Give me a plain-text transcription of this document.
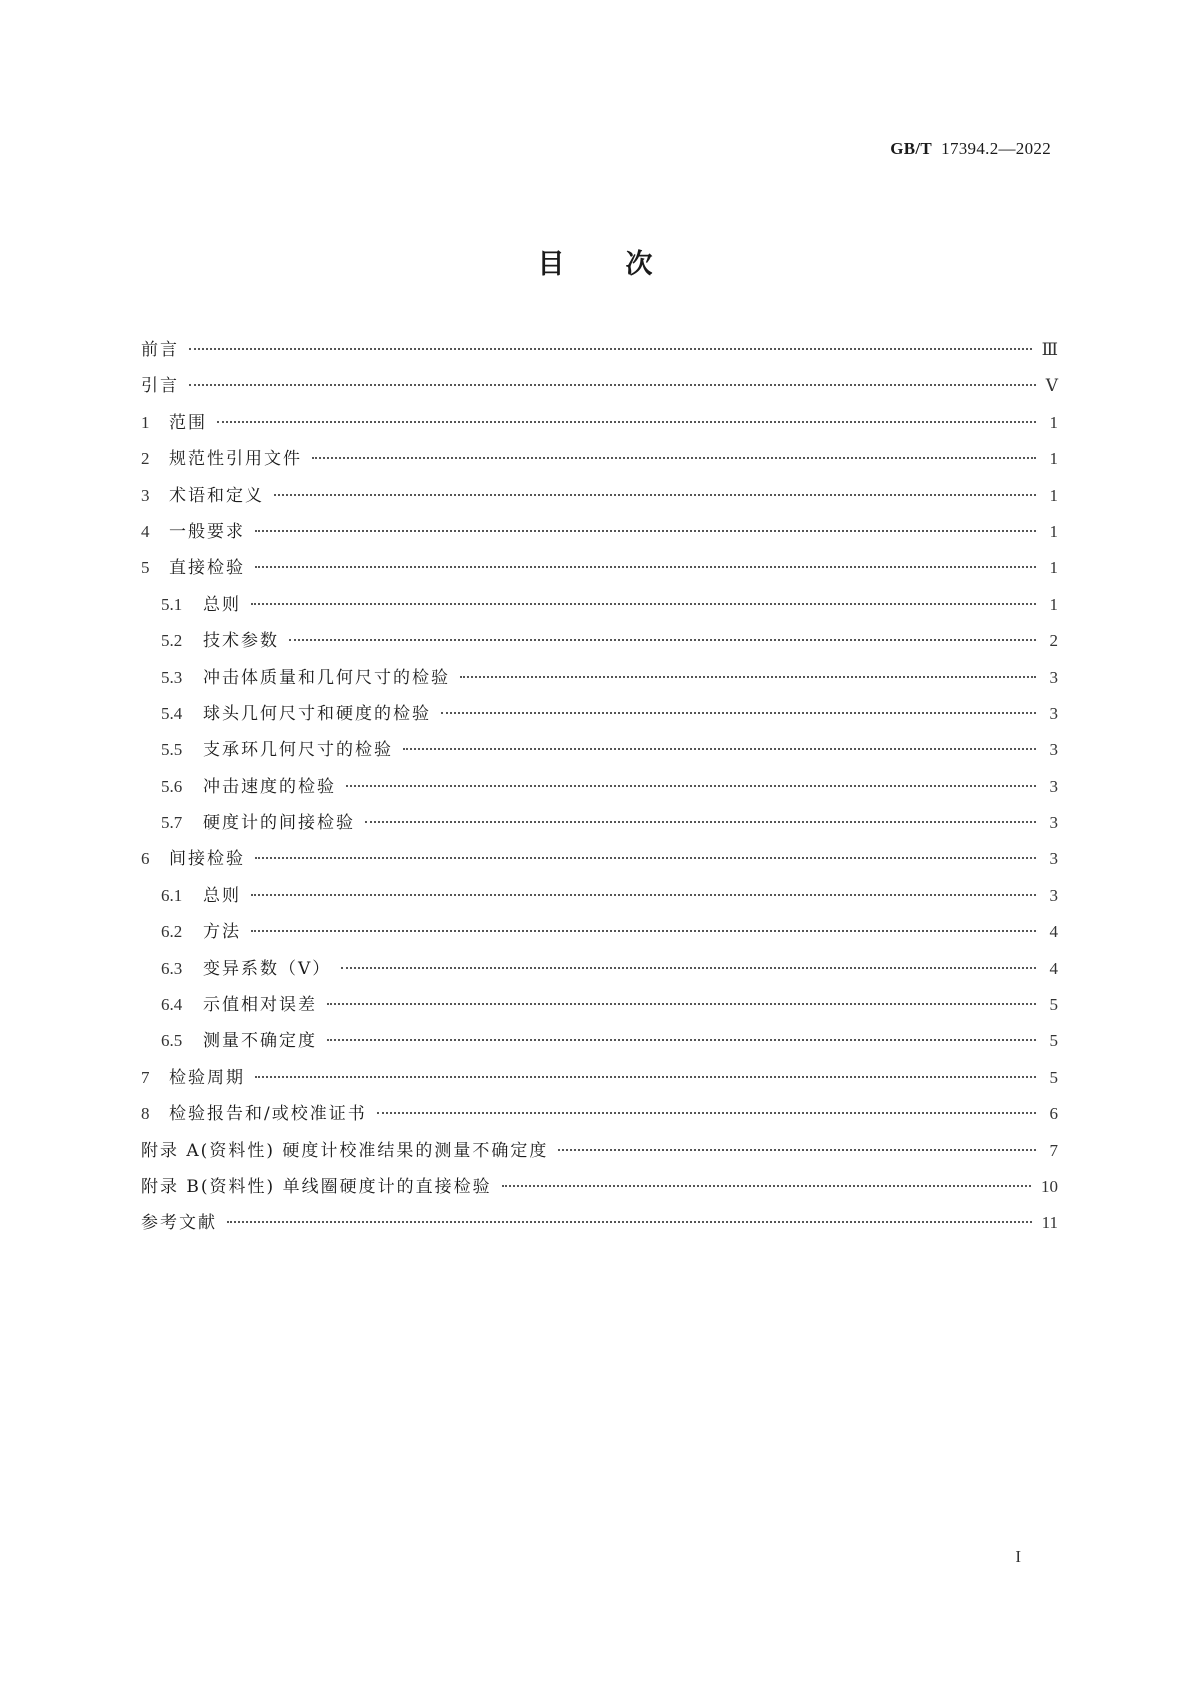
GB/T 17394.2—2022
目 次
前言	Ⅲ
引言	Ⅴ
1	范围	1
2	规范性引用文件	1
3	术语和定义	1
4	一般要求	1
5	直接检验	1
5.1	总则	1
5.2	技术参数	2
5.3	冲击体质量和几何尺寸的检验	3
5.4	球头几何尺寸和硬度的检验	3
5.5	支承环几何尺寸的检验	3
5.6	冲击速度的检验	3
5.7	硬度计的间接检验	3
6	间接检验	3
6.1	总则	3
6.2	方法	4
6.3	变异系数（V）	4
6.4	示值相对误差	5
6.5	测量不确定度	5
7	检验周期	5
8	检验报告和/或校准证书	6
附录 A(资料性) 硬度计校准结果的测量不确定度	7
附录 B(资料性) 单线圈硬度计的直接检验	10
参考文献	11
I
